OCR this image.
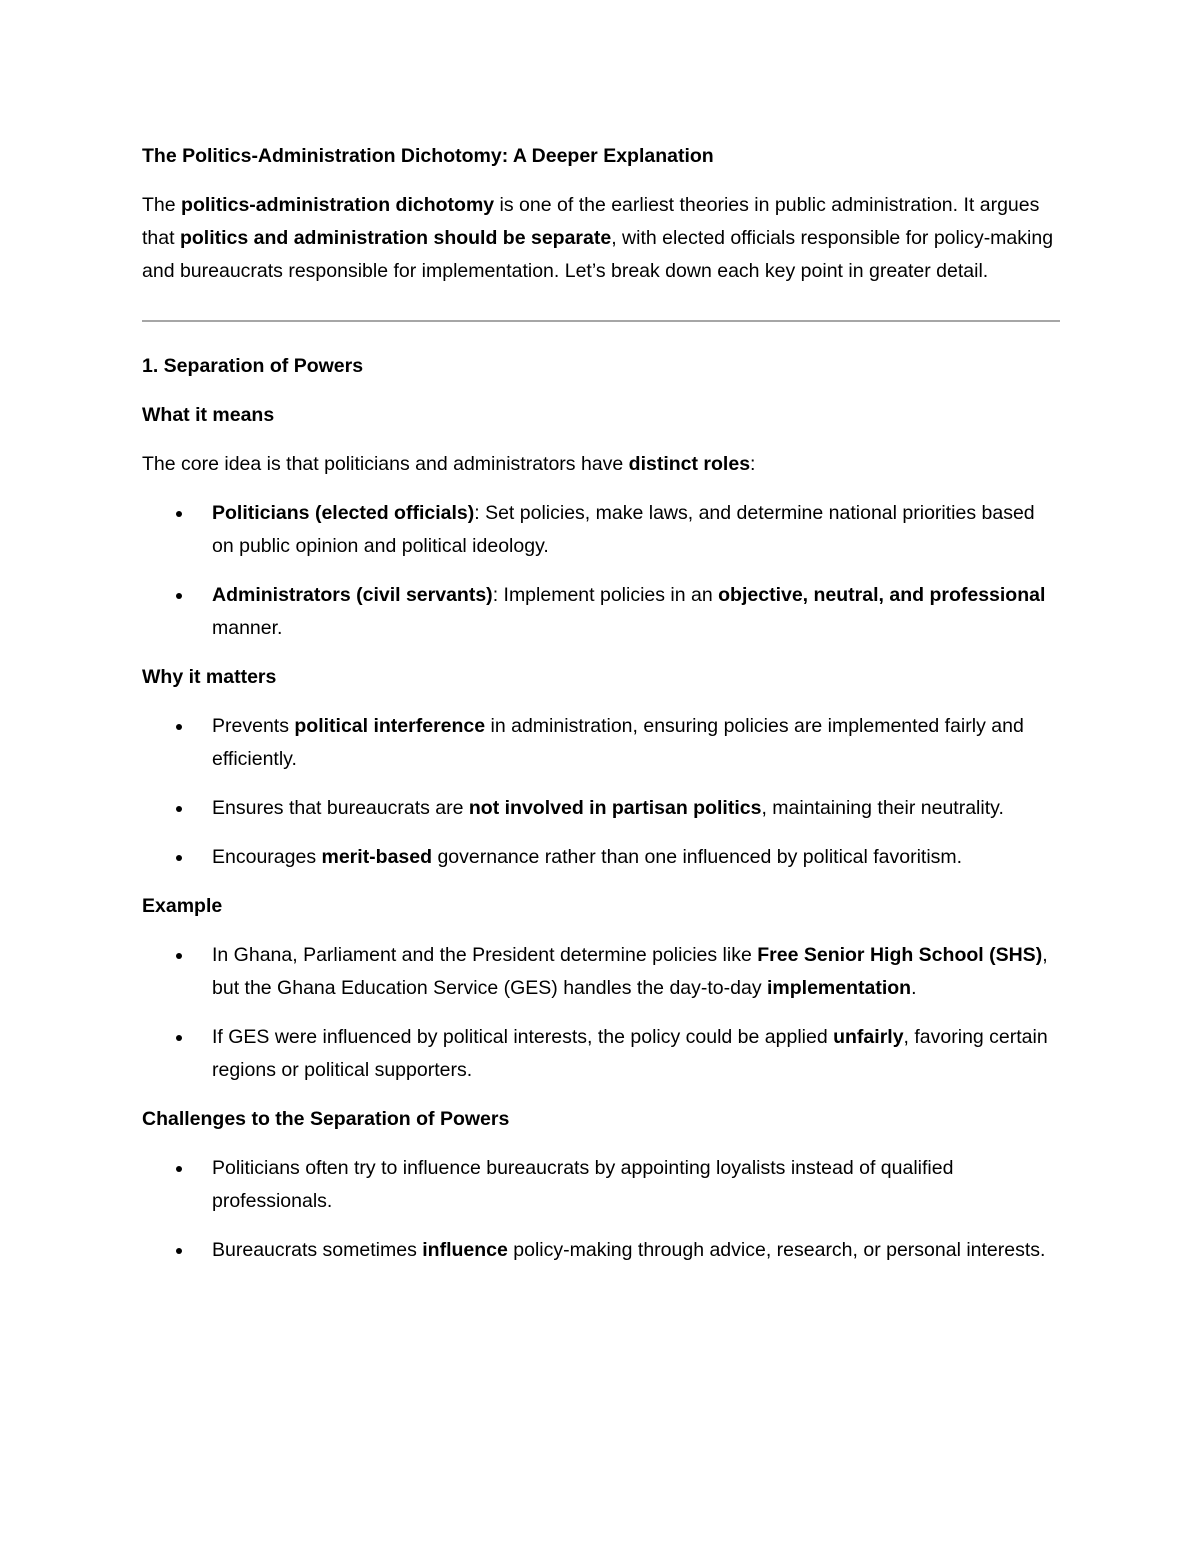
The Politics-Administration Dichotomy: A Deeper Explanation

The politics-administration dichotomy is one of the earliest theories in public administration. It argues that politics and administration should be separate, with elected officials responsible for policy-making and bureaucrats responsible for implementation. Let’s break down each key point in greater detail.

1. Separation of Powers

What it means

The core idea is that politicians and administrators have distinct roles:

Politicians (elected officials): Set policies, make laws, and determine national priorities based on public opinion and political ideology.
Administrators (civil servants): Implement policies in an objective, neutral, and professional manner.

Why it matters

Prevents political interference in administration, ensuring policies are implemented fairly and efficiently.
Ensures that bureaucrats are not involved in partisan politics, maintaining their neutrality.
Encourages merit-based governance rather than one influenced by political favoritism.

Example

In Ghana, Parliament and the President determine policies like Free Senior High School (SHS), but the Ghana Education Service (GES) handles the day-to-day implementation.
If GES were influenced by political interests, the policy could be applied unfairly, favoring certain regions or political supporters.

Challenges to the Separation of Powers

Politicians often try to influence bureaucrats by appointing loyalists instead of qualified professionals.
Bureaucrats sometimes influence policy-making through advice, research, or personal interests.
